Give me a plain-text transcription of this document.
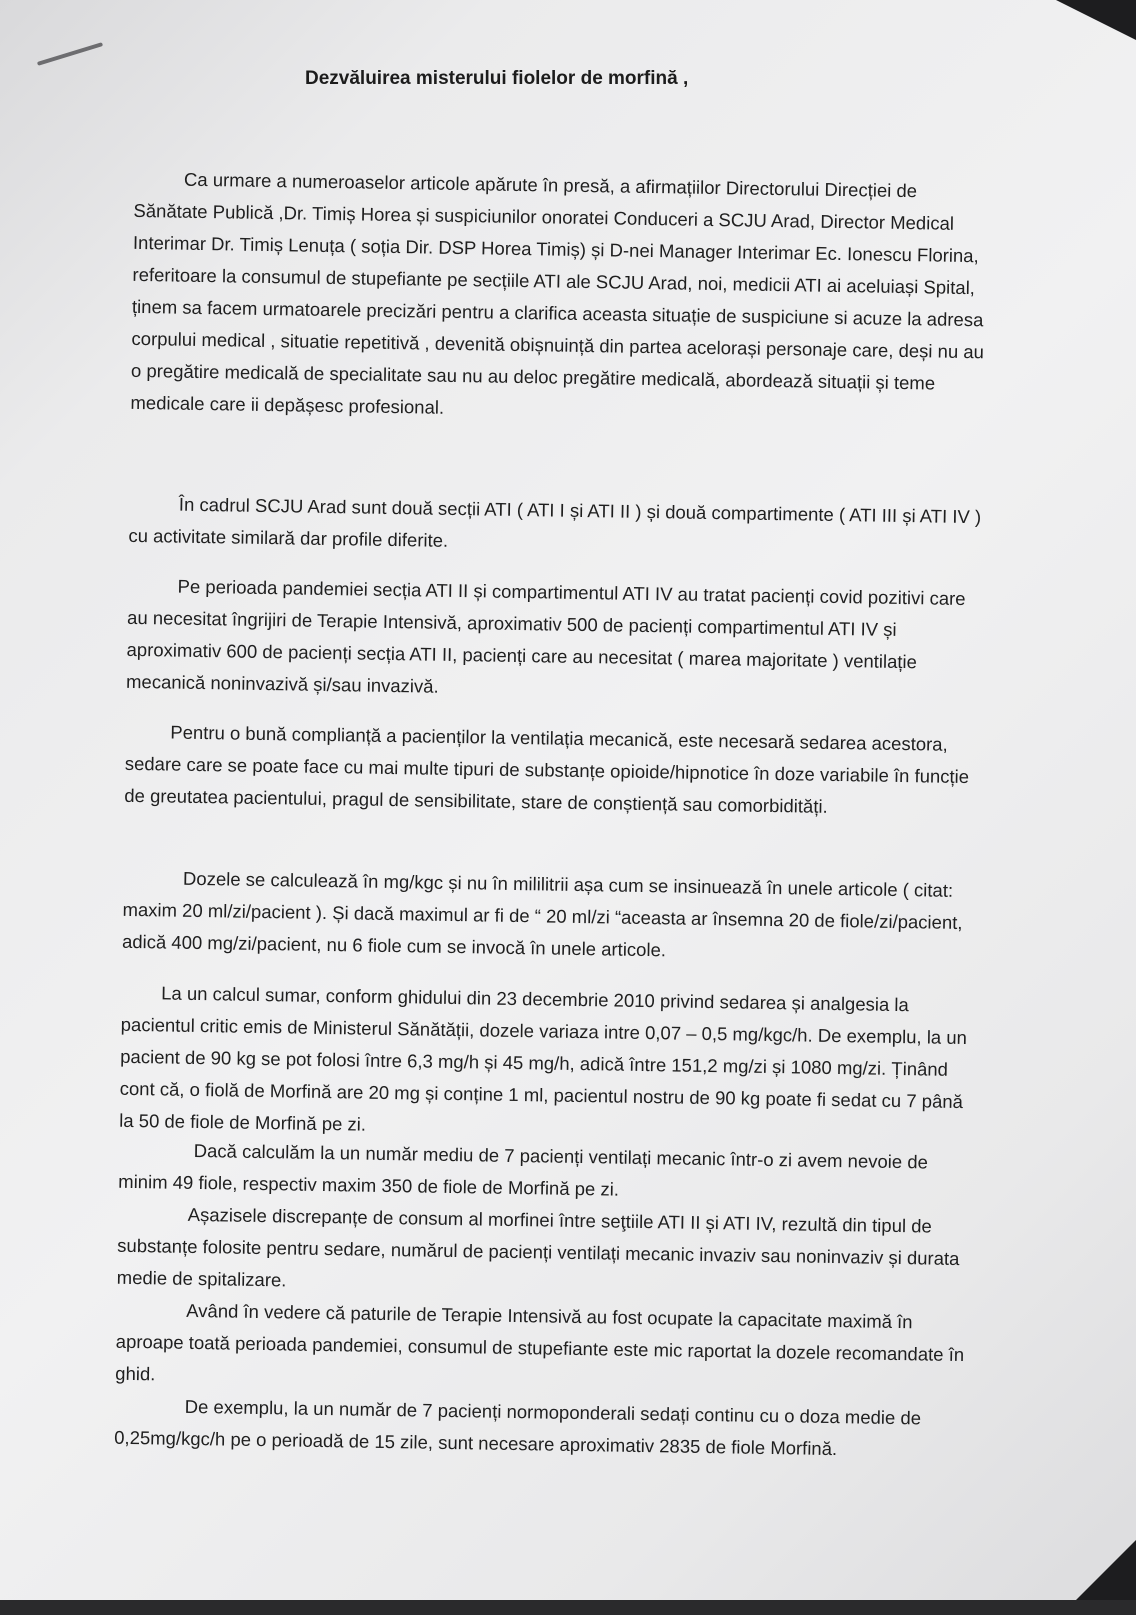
Dezvăluirea misterului fiolelor de morfină ,

Ca urmare a numeroaselor articole apărute în presă, a afirmațiilor Directorului Direcției de Sănătate Publică ,Dr. Timiș Horea și suspiciunilor onoratei Conduceri a SCJU Arad, Director Medical Interimar Dr. Timiș Lenuța ( soția Dir. DSP Horea Timiș) și D-nei Manager Interimar Ec. Ionescu Florina, referitoare la consumul de stupefiante pe secțiile ATI ale SCJU Arad, noi, medicii ATI ai aceluiași Spital, ținem sa facem urmatoarele precizări pentru a clarifica aceasta situație de suspiciune si acuze la adresa corpului medical , situatie repetitivă , devenită obișnuință din partea acelorași personaje care, deși nu au o pregătire medicală de specialitate sau nu au deloc pregătire medicală, abordează situații și teme medicale care ii depășesc profesional.

În cadrul SCJU Arad sunt două secții ATI ( ATI I și ATI II ) și două compartimente ( ATI III și ATI IV ) cu activitate similară dar profile diferite.

Pe perioada pandemiei secția ATI II și compartimentul ATI IV au tratat pacienți covid pozitivi care au necesitat îngrijiri de Terapie Intensivă, aproximativ 500 de pacienți compartimentul ATI IV și aproximativ 600 de pacienți secția ATI II, pacienți care au necesitat ( marea majoritate ) ventilație mecanică noninvazivă și/sau invazivă.

Pentru o bună complianță a pacienților la ventilația mecanică, este necesară sedarea acestora, sedare care se poate face cu mai multe tipuri de substanțe opioide/hipnotice în doze variabile în funcție de greutatea pacientului, pragul de sensibilitate, stare de conștiență sau comorbidități.

Dozele se calculează în mg/kgc și nu în mililitrii așa cum se insinuează în unele articole ( citat: maxim 20 ml/zi/pacient ). Și dacă maximul ar fi de “ 20 ml/zi “aceasta ar însemna 20 de fiole/zi/pacient, adică 400 mg/zi/pacient, nu 6 fiole cum se invocă în unele articole.

La un calcul sumar, conform ghidului din 23 decembrie 2010 privind sedarea și analgesia la pacientul critic emis de Ministerul Sănătății, dozele variaza intre 0,07 – 0,5 mg/kgc/h. De exemplu, la un pacient de 90 kg se pot folosi între 6,3 mg/h și 45 mg/h, adică între 151,2 mg/zi și 1080 mg/zi. Ținând cont că, o fiolă de Morfină are 20 mg și conține 1 ml, pacientul nostru de 90 kg poate fi sedat cu 7 până la 50 de fiole de Morfină pe zi.

Dacă calculăm la un număr mediu de 7 pacienți ventilați mecanic într-o zi avem nevoie de minim 49 fiole, respectiv maxim 350 de fiole de Morfină pe zi.

Așazisele discrepanțe de consum al morfinei între seţtiile ATI II și ATI IV, rezultă din tipul de substanțe folosite pentru sedare, numărul de pacienți ventilați mecanic invaziv sau noninvaziv și durata medie de spitalizare.

Având în vedere că paturile de Terapie Intensivă au fost ocupate la capacitate maximă în aproape toată perioada pandemiei, consumul de stupefiante este mic raportat la dozele recomandate în ghid.

De exemplu, la un număr de 7 pacienți normoponderali sedați continu cu o doza medie de 0,25mg/kgc/h pe o perioadă de 15 zile, sunt necesare aproximativ 2835 de fiole Morfină.
